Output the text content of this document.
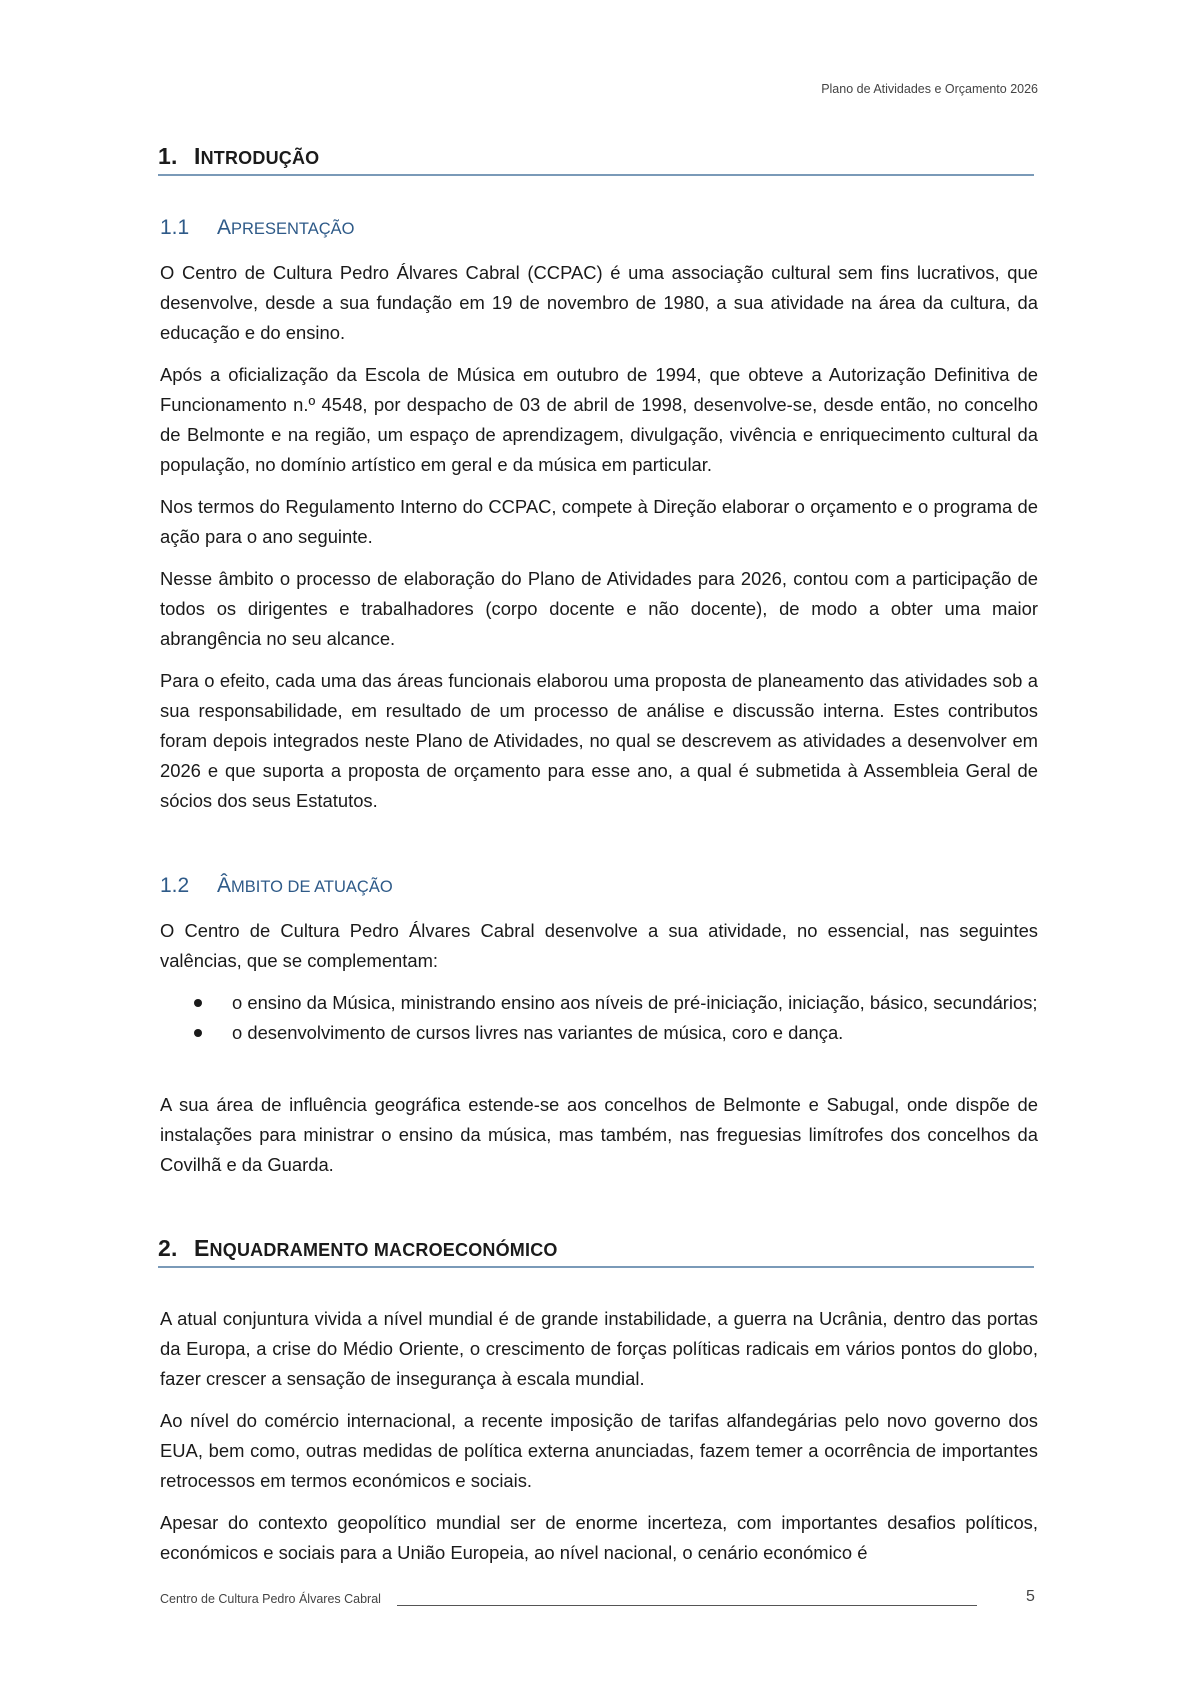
Plano de Atividades e Orçamento 2026
1. INTRODUÇÃO
1.1 APRESENTAÇÃO

O Centro de Cultura Pedro Álvares Cabral (CCPAC) é uma associação cultural sem fins lucrativos, que desenvolve, desde a sua fundação em 19 de novembro de 1980, a sua atividade na área da cultura, da educação e do ensino.

Após a oficialização da Escola de Música em outubro de 1994, que obteve a Autorização Definitiva de Funcionamento n.º 4548, por despacho de 03 de abril de 1998, desenvolve-se, desde então, no concelho de Belmonte e na região, um espaço de aprendizagem, divulgação, vivência e enriquecimento cultural da população, no domínio artístico em geral e da música em particular.

Nos termos do Regulamento Interno do CCPAC, compete à Direção elaborar o orçamento e o programa de ação para o ano seguinte.

Nesse âmbito o processo de elaboração do Plano de Atividades para 2026, contou com a participação de todos os dirigentes e trabalhadores (corpo docente e não docente), de modo a obter uma maior abrangência no seu alcance.

Para o efeito, cada uma das áreas funcionais elaborou uma proposta de planeamento das atividades sob a sua responsabilidade, em resultado de um processo de análise e discussão interna. Estes contributos foram depois integrados neste Plano de Atividades, no qual se descrevem as atividades a desenvolver em 2026 e que suporta a proposta de orçamento para esse ano, a qual é submetida à Assembleia Geral de sócios dos seus Estatutos.

1.2 ÂMBITO DE ATUAÇÃO

O Centro de Cultura Pedro Álvares Cabral desenvolve a sua atividade, no essencial, nas seguintes valências, que se complementam:

o ensino da Música, ministrando ensino aos níveis de pré-iniciação, iniciação, básico, secundários;
o desenvolvimento de cursos livres nas variantes de música, coro e dança.

A sua área de influência geográfica estende-se aos concelhos de Belmonte e Sabugal, onde dispõe de instalações para ministrar o ensino da música, mas também, nas freguesias limítrofes dos concelhos da Covilhã e da Guarda.

2. ENQUADRAMENTO MACROECONÓMICO

A atual conjuntura vivida a nível mundial é de grande instabilidade, a guerra na Ucrânia, dentro das portas da Europa, a crise do Médio Oriente, o crescimento de forças políticas radicais em vários pontos do globo, fazer crescer a sensação de insegurança à escala mundial.

Ao nível do comércio internacional, a recente imposição de tarifas alfandegárias pelo novo governo dos EUA, bem como, outras medidas de política externa anunciadas, fazem temer a ocorrência de importantes retrocessos em termos económicos e sociais.

Apesar do contexto geopolítico mundial ser de enorme incerteza, com importantes desafios políticos, económicos e sociais para a União Europeia, ao nível nacional, o cenário económico é

Centro de Cultura Pedro Álvares Cabral	5
